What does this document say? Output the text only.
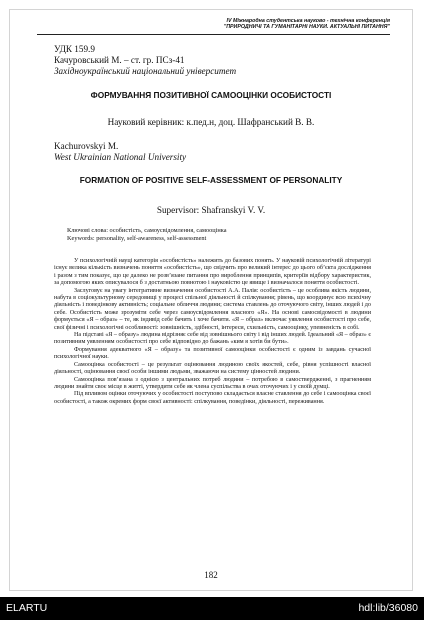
IV Міжнародна студентська науково - технічна конференція
"ПРИРОДНИЧІ ТА ГУМАНІТАРНІ НАУКИ. АКТУАЛЬНІ ПИТАННЯ"
УДК 159.9
Качуровський М. – ст. гр. ПСз-41
Західноукраїнський національний університет
ФОРМУВАННЯ ПОЗИТИВНОЇ САМООЦІНКИ ОСОБИСТОСТІ
Науковий керівник: к.пед.н, доц. Шафранський В. В.
Kachurovskyi M.
West Ukrainian National University
FORMATION OF POSITIVE SELF-ASSESSMENT OF PERSONALITY
Supervisor: Shafranskyi V. V.
Ключові слова: особистість, самоусвідомлення, самооцінка
Keywords: personality, self-awareness, self-assessment

У психологічній науці категорія «особистість» належить до базових понять. У науковій психологічній літературі існує велика кількість визначень поняття «особистість», що свідчить про великий інтерес до цього об’єкта дослідження і разом з тим показує, що це далеко не розв’язане питання про вироблення принципів, критеріїв відбору характеристик, за допомогою яких описувалося б з достатньою повнотою і науковістю це явище і визначалося поняття особистості.

Заслуговує на увагу інтегративне визначення особистості А.А. Палія: особистість – це особлива якість людини, набута в соціокультурному середовищі у процесі спільної діяльності й спілкування; рівень, що координує всю психічну діяльність і поведінкову активність; соціальне обличчя людини; система ставлень до оточуючого світу, інших людей і до себе. Особистість може зрозуміти себе через самоусвідомлення власного «Я». На основі самосвідомості в людини формується «Я – образ» – те, як індивід себе бачить і хоче бачити. «Я – образ» включає уявлення особистості про себе, свої фізичні і психологічні особливості: зовнішність, здібності, інтереси, схильність, самооцінку, упевненість в собі.

На підставі «Я – образу» людина відрізняє себе від зовнішнього світу і від інших людей. Ідеальний «Я – образ» є позитивним уявленням особистості про себе відповідно до бажань «ким я хотів би бути».

Формування адекватного «Я – образу» та позитивної самооцінки особистості є одним із завдань сучасної психологічної науки.

Самооцінка особистості – це результат оцінювання людиною своїх якостей, себе, рівня успішності власної діяльності, оцінювання своєї особи іншими людьми, зважаючи на систему цінностей людини.

Самооцінка пов’язана з однією з центральних потреб людини – потребою в самоствердженні, з прагненням людини знайти своє місце в житті, утвердити себе як члена суспільства в очах оточуючих і у своїй думці.

Під впливом оцінки оточуючих у особистості поступово складається власне ставлення до себе і самооцінка своєї особистості, а також окремих форм своєї активності: спілкування, поведінки, діяльності, переживання.

182
ELARTU	hdl:lib/36080
